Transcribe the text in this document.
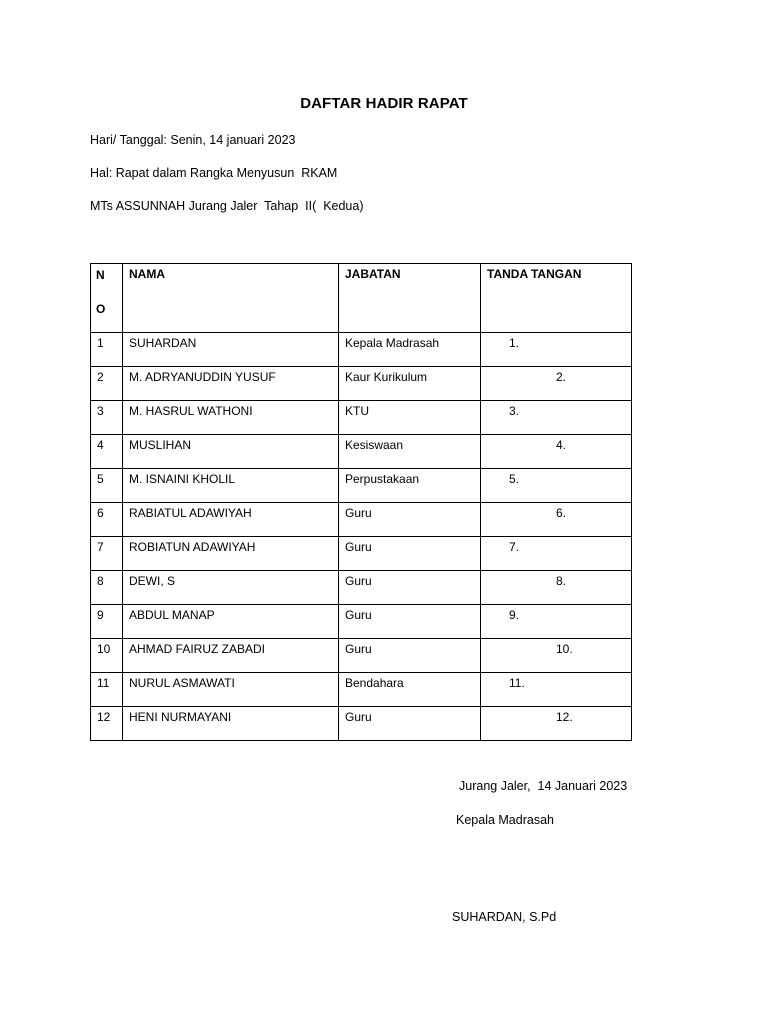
DAFTAR HADIR RAPAT
Hari/ Tanggal: Senin, 14 januari 2023
Hal: Rapat dalam Rangka Menyusun  RKAM
MTs ASSUNNAH Jurang Jaler  Tahap  II(  Kedua)
NO	NAMA	JABATAN	TANDA TANGAN

1	SUHARDAN	Kepala Madrasah	1.

2	M. ADRYANUDDIN YUSUF	Kaur Kurikulum	2.

3	M. HASRUL WATHONI	KTU	3.

4	MUSLIHAN	Kesiswaan	4.

5	M. ISNAINI KHOLIL	Perpustakaan	5.

6	RABIATUL ADAWIYAH	Guru	6.

7	ROBIATUN ADAWIYAH	Guru	7.

8	DEWI, S	Guru	8.

9	ABDUL MANAP	Guru	9.

10	AHMAD FAIRUZ ZABADI	Guru	10.

11	NURUL ASMAWATI	Bendahara	11.

12	HENI NURMAYANI	Guru	12.
Jurang Jaler,  14 Januari 2023
Kepala Madrasah
SUHARDAN, S.Pd
